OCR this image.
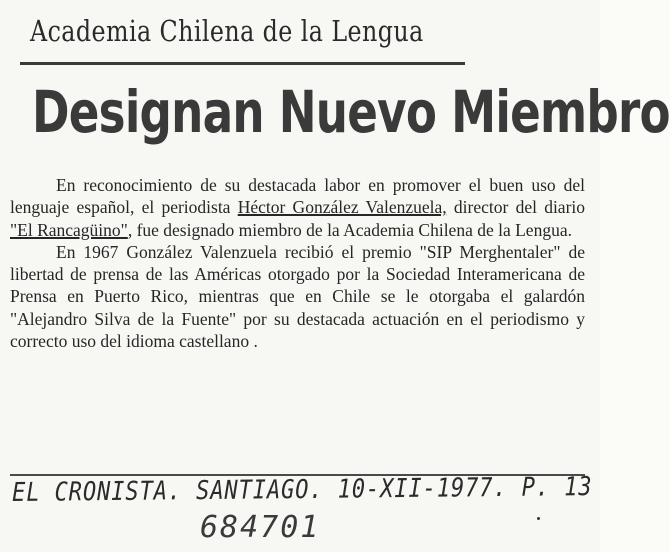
Academia Chilena de la Lengua
Designan Nuevo Miembro

En reconocimiento de su destacada labor en promover el buen uso del lenguaje español, el periodista Héctor González Valenzuela, director del diario "El Rancagüino", fue designado miembro de la Academia Chilena de la Lengua.

En 1967 González Valenzuela recibió el premio "SIP Merghentaler" de libertad de prensa de las Américas otorgado por la Sociedad Interamericana de Prensa en Puerto Rico, mientras que en Chile se le otorgaba el galardón "Alejandro Silva de la Fuente" por su destacada actuación en el periodismo y correcto uso del idioma castellano .

EL CRONISTA. SANTIAGO. 10-XII-1977. P. 13
684701
